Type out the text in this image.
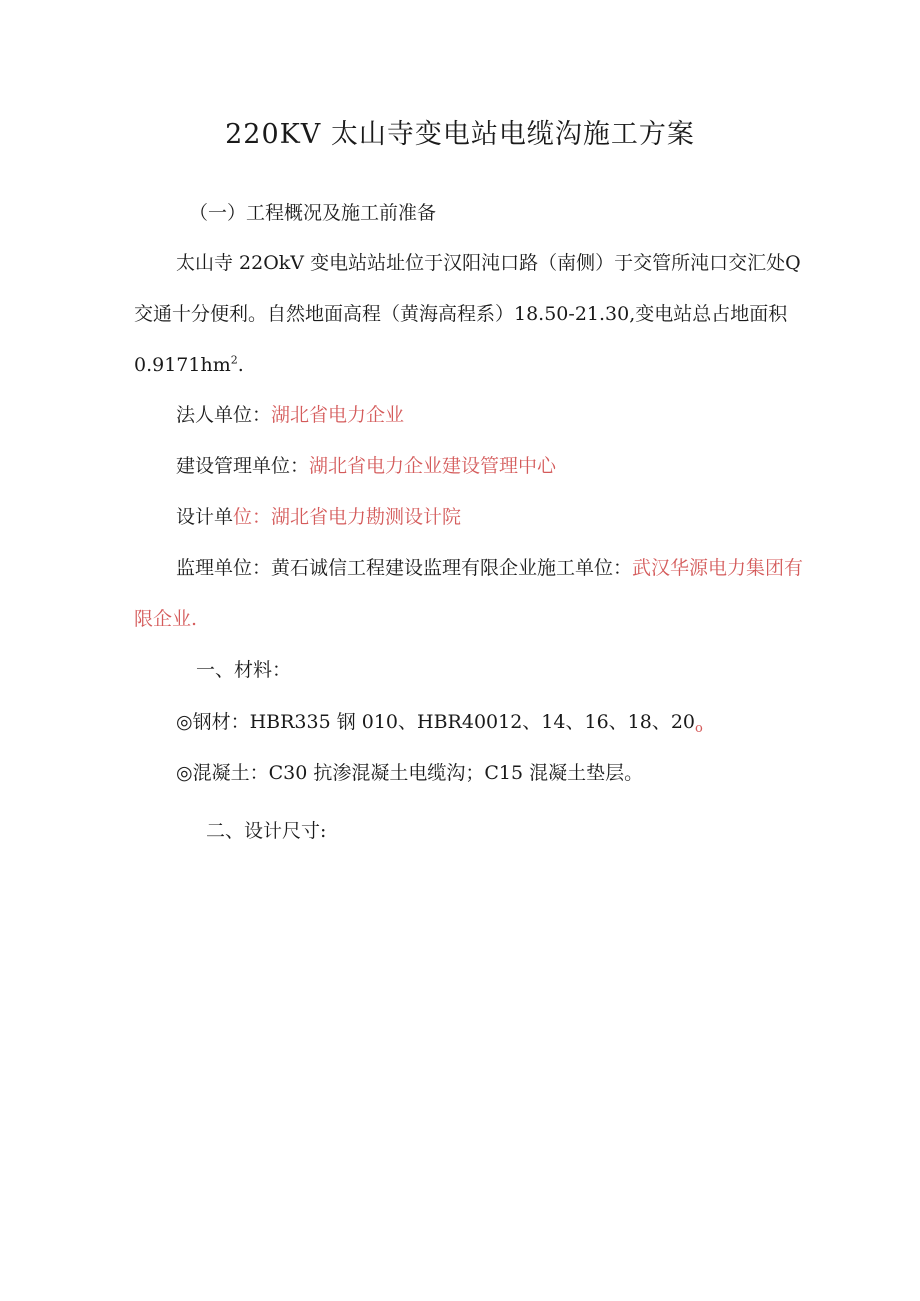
220KV 太山寺变电站电缆沟施工方案
（一）工程概况及施工前准备
太山寺 22OkV 变电站站址位于汉阳沌口路（南侧）于交管所沌口交汇处Q
交通十分便利。自然地面高程（黄海高程系）18.50-21.30,变电站总占地面积
$0.9171hm^2$.
法人单位：湖北省电力企业
建设管理单位：湖北省电力企业建设管理中心
设计单位：湖北省电力勘测设计院
监理单位：黄石诚信工程建设监理有限企业施工单位：武汉华源电力集团有
限企业.
一、材料：
◎钢材：HBR335 钢 010、HBR40012、14、16、18、$20_o$
◎混凝土：C30 抗渗混凝土电缆沟；C15 混凝土垫层。
二、设计尺寸:
